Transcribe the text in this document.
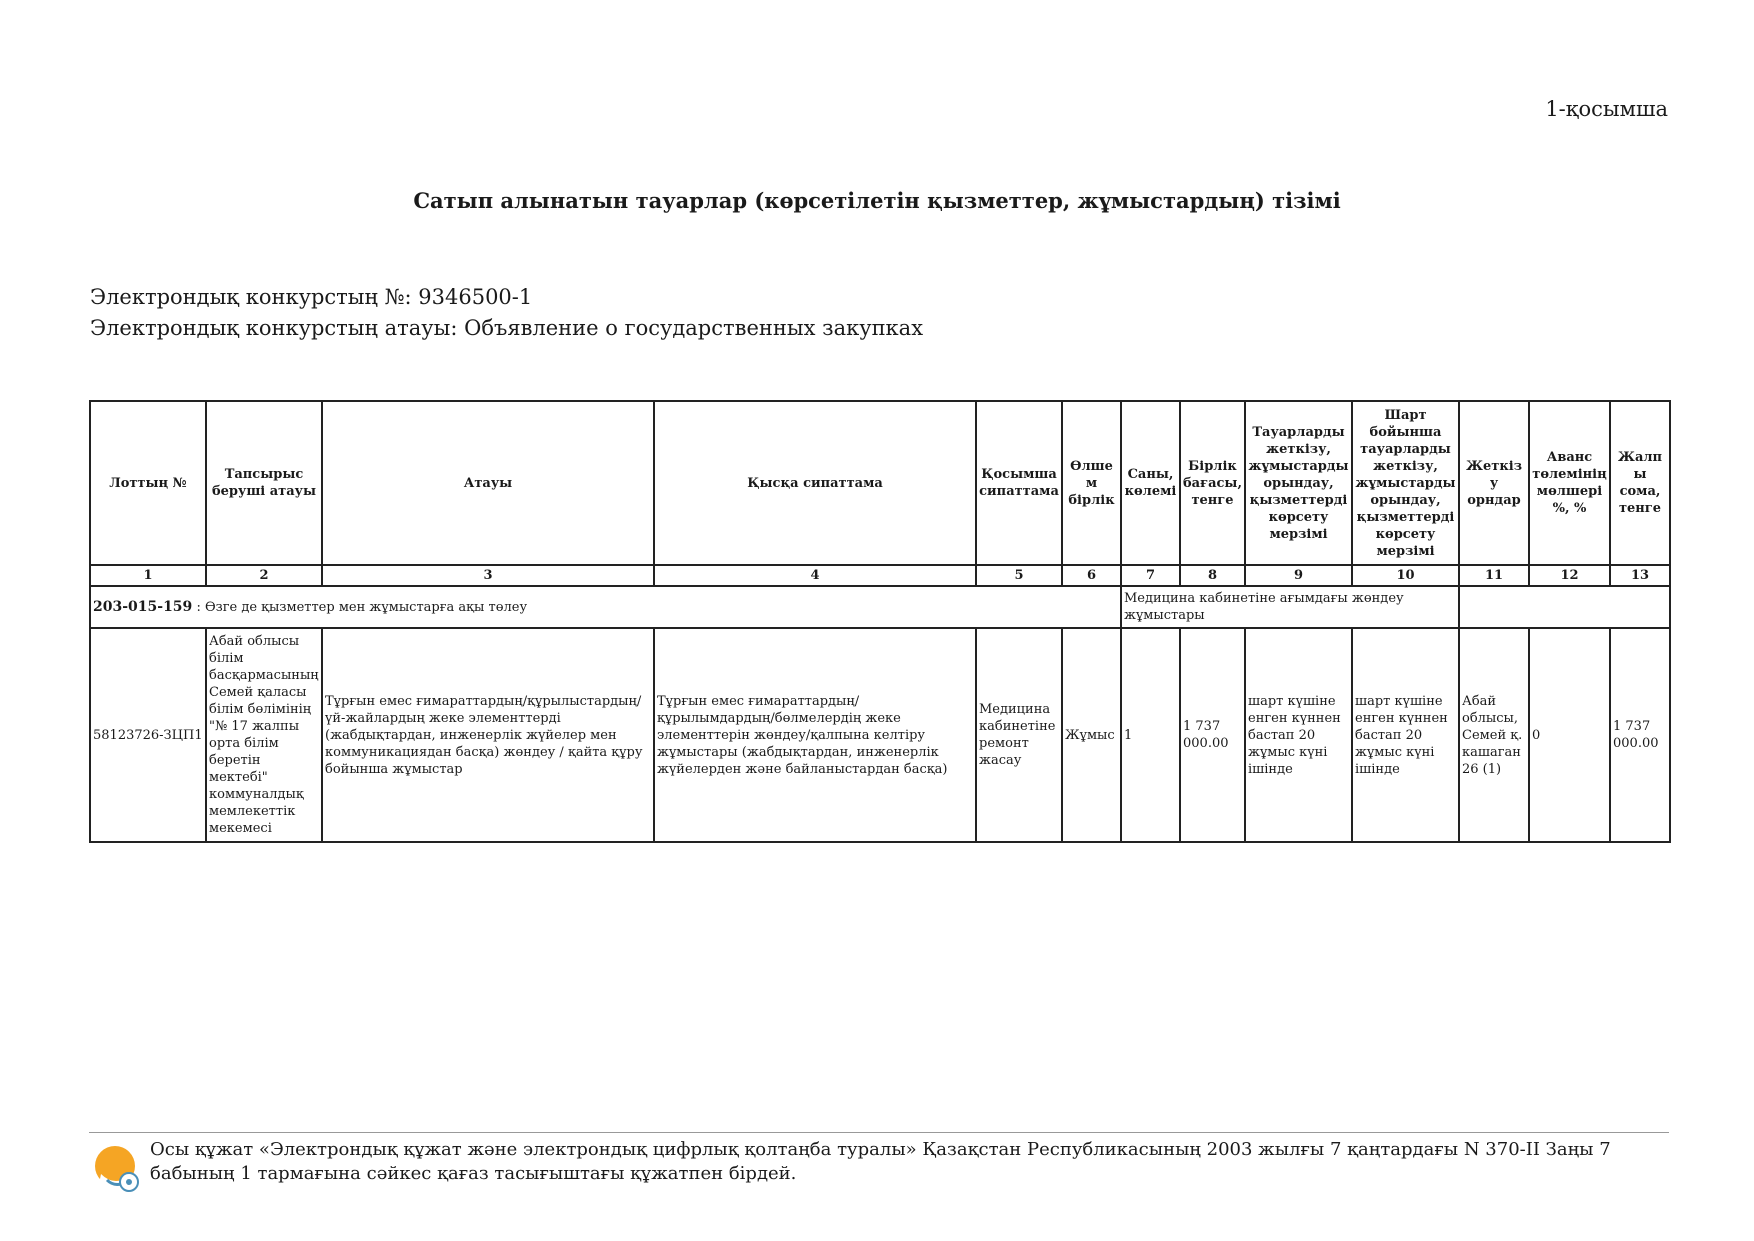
1-қосымша
Сатып алынатын тауарлар (көрсетілетін қызметтер, жұмыстардың) тізімі
Электрондық конкурстың №: 9346500-1
Электрондық конкурстың атауы: Объявление о государственных закупках
Лоттың №	Тапсырыс беруші атауы	Атауы	Қысқа сипаттама	Қосымша сипаттама	Өлшем бірлік	Саны, көлемі	Бірлік бағасы, тенге	Тауарларды жеткізу, жұмыстарды орындау, қызметтерді көрсету мерзімі	Шарт бойынша тауарларды жеткізу, жұмыстарды орындау, қызметтерді көрсету мерзімі	Жеткізу орндар	Аванс төлемінің мөлшері %, %	Жалпы сома, тенге
1	2	3	4	5	6	7	8	9	10	11	12	13
203-015-159 : Өзге де қызметтер мен жұмыстарға ақы төлеу						Медицина кабинетіне ағымдағы жөндеу жұмыстары						
58123726-ЗЦП1	Абай облысы білім басқармасының Семей қаласы білім бөлімінің "№ 17 жалпы орта білім беретін мектебі" коммуналдық мемлекеттік мекемесі	Тұрғын емес ғимараттардың/құрылыстардың/үй-жайлардың жеке элементтерді (жабдықтардан, инженерлік жүйелер мен коммуникациядан басқа) жөндеу / қайта құру бойынша жұмыстар	Тұрғын емес ғимараттардың/құрылымдардың/бөлмелердің жеке элементтерін жөндеу/қалпына келтіру жұмыстары (жабдықтардан, инженерлік жүйелерден және байланыстардан басқа)	Медицина кабинетіне ремонт жасау	Жұмыс	1	1 737 000.00	шарт күшіне енген күннен бастап 20 жұмыс күні ішінде	шарт күшіне енген күннен бастап 20 жұмыс күні ішінде	Абай облысы, Семей қ. кашаган 26 (1)	0	1 737 000.00
Осы құжат «Электрондық құжат және электрондық цифрлық қолтаңба туралы» Қазақстан Республикасының 2003 жылғы 7 қаңтардағы N 370-II Заңы 7 бабының 1 тармағына сәйкес қағаз тасығыштағы құжатпен бірдей.
